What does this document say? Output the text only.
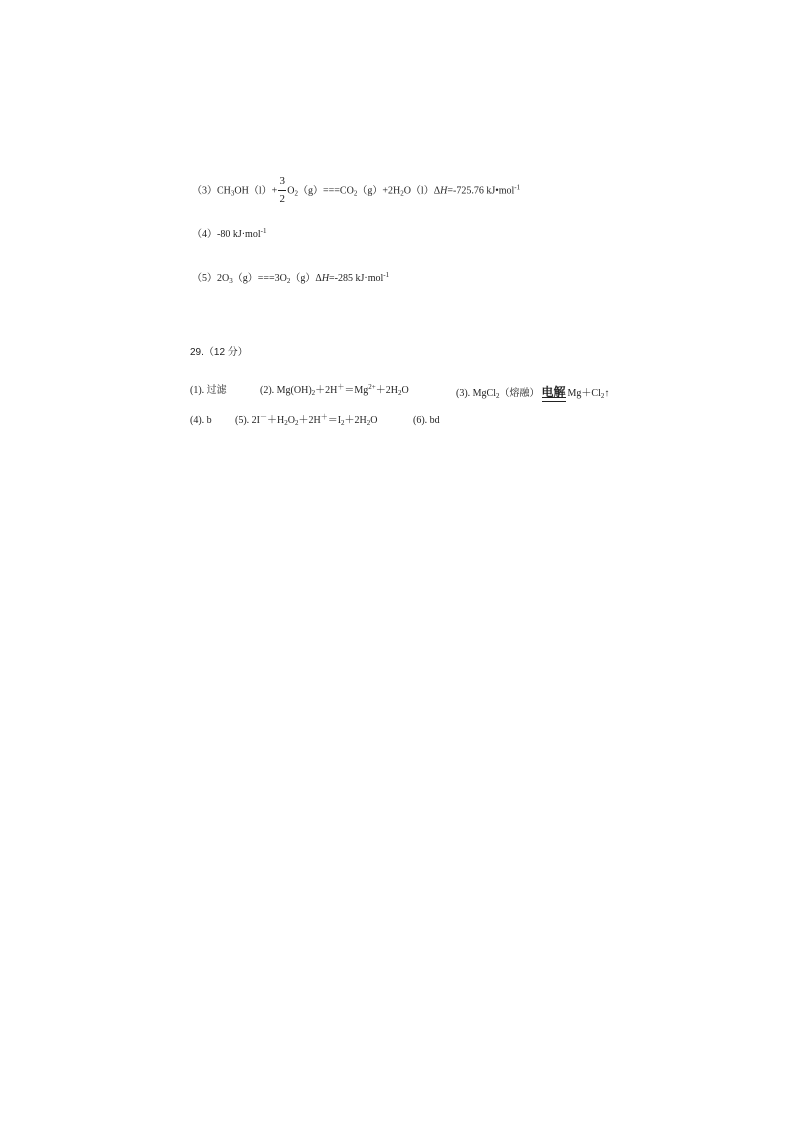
$(3)CH_3OH(l)+ \frac{3}{2} O_2(g)===CO_2(g)+2H_2O(l)\Delta H=-725.76$ kJ•mol$^{-1}$
（4）-80 kJ·mol$^{-1}$
$(5)2O_3(g)===3O_2(g)\Delta H=-285$ kJ·mol$^{-1}$
29.（12 分）
(1). 过滤	(2). $Mg(OH)_2+2H^+=Mg^{2+}+2H_2O$	(3). MgCl$_2$（熔融） 电解 $Mg+Cl_2↑$
(4). b (5). $2I^-+H_2O_2+2H^+=I_2+2H_2O$	(6). bd
